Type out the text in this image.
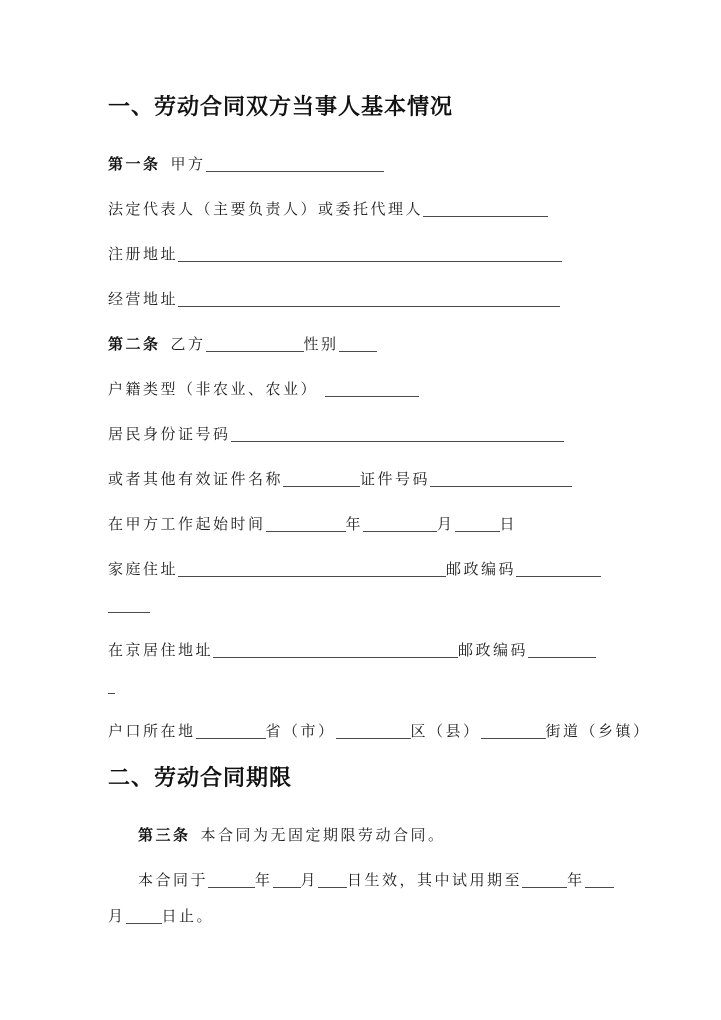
一、劳动合同双方当事人基本情况
第一条 甲方
法定代表人（主要负责人）或委托代理人
注册地址
经营地址
第二条 乙方	性别
户籍类型（非农业、农业）
居民身份证号码
或者其他有效证件名称	证件号码
在甲方工作起始时间	年	月	日
家庭住址	邮政编码
在京居住地址	邮政编码
户口所在地	省（市）	区（县）	街道（乡镇）
二、劳动合同期限
第三条 本合同为无固定期限劳动合同。
本合同于	年 月 日生效，其中试用期至	年
月 日止。
